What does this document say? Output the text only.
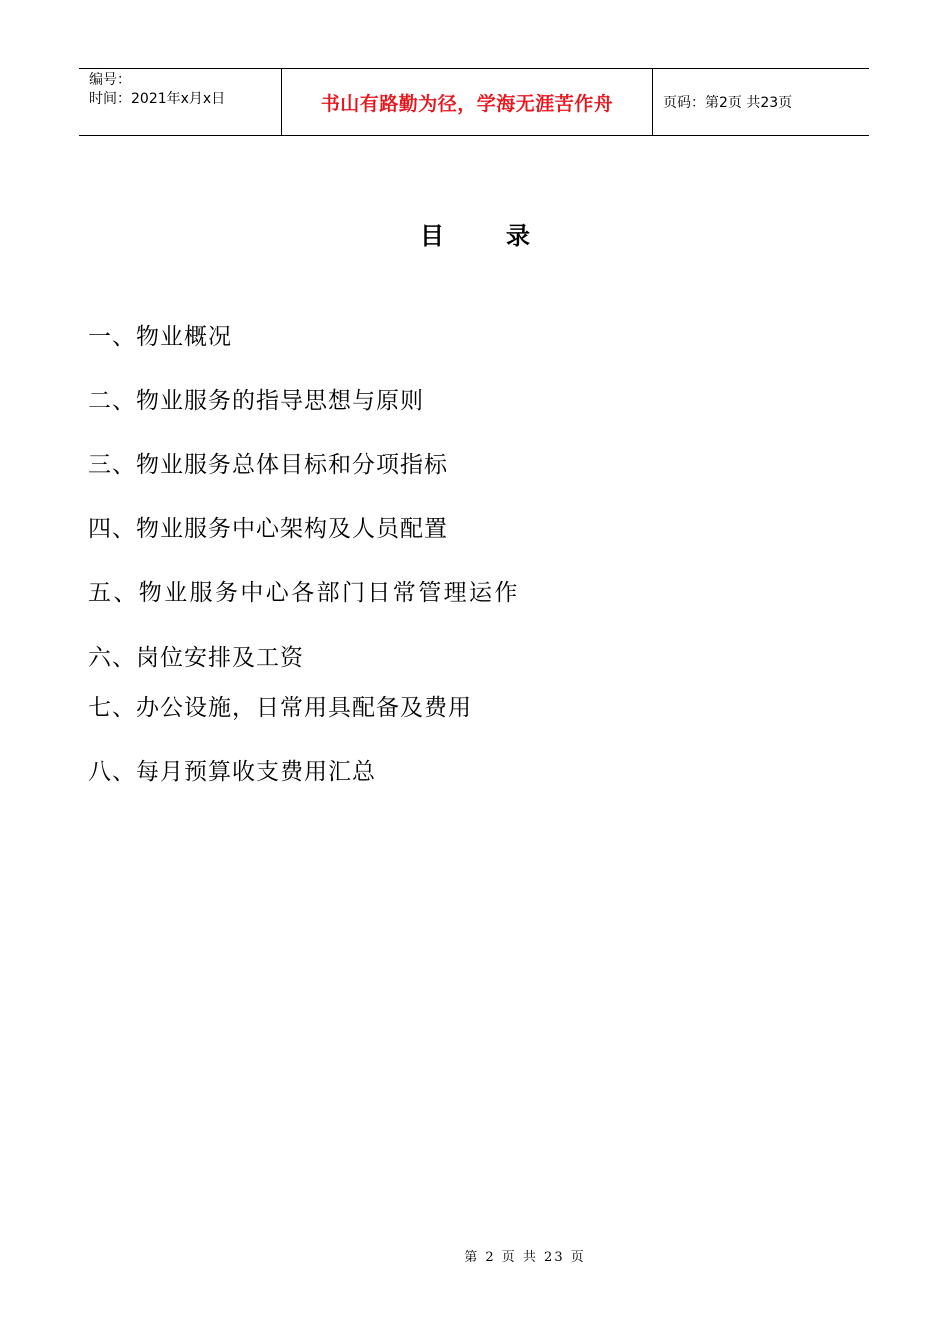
编号：
时间：2021年x月x日	书山有路勤为径，学海无涯苦作舟	页码：第2页 共23页
目录
一、物业概况
二、物业服务的指导思想与原则
三、物业服务总体目标和分项指标
四、物业服务中心架构及人员配置
五、物业服务中心各部门日常管理运作
六、岗位安排及工资
七、办公设施，日常用具配备及费用
八、每月预算收支费用汇总
第 2 页 共 23 页
